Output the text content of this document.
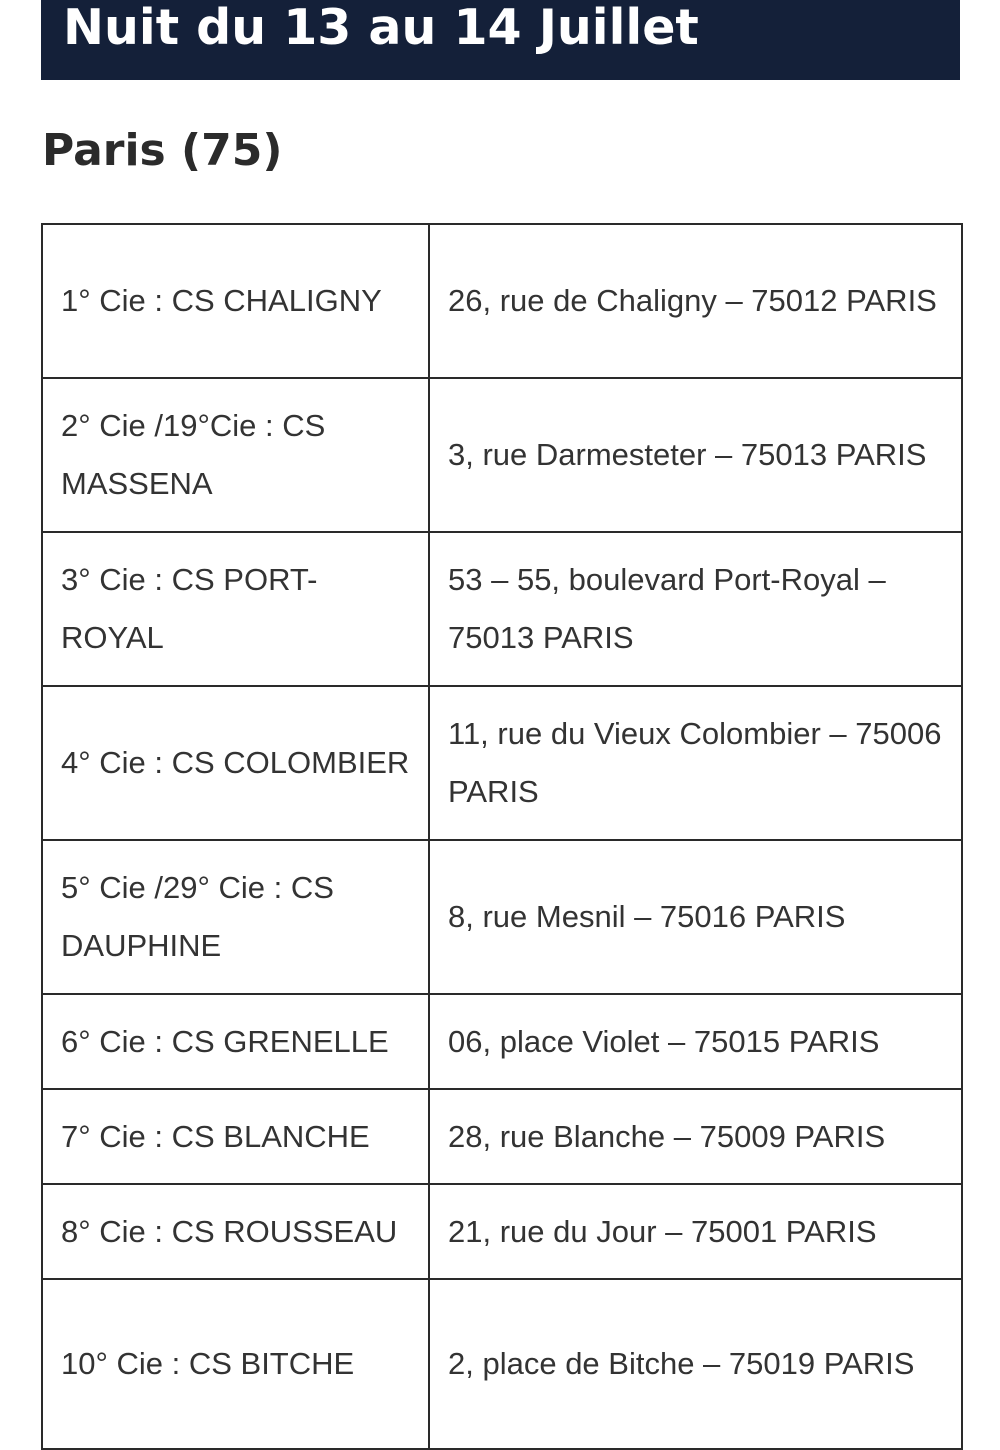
Nuit du 13 au 14 Juillet
Paris (75)
1° Cie : CS CHALIGNY	26, rue de Chaligny – 75012 PARIS
2° Cie /19°Cie : CS MASSENA	3, rue Darmesteter – 75013 PARIS
3° Cie : CS PORT-ROYAL	53 – 55, boulevard Port-Royal – 75013 PARIS
4° Cie : CS COLOMBIER	11, rue du Vieux Colombier – 75006 PARIS
5° Cie /29° Cie : CS DAUPHINE	8, rue Mesnil – 75016 PARIS
6° Cie : CS GRENELLE	06, place Violet – 75015 PARIS
7° Cie : CS BLANCHE	28, rue Blanche – 75009 PARIS
8° Cie : CS ROUSSEAU	21, rue du Jour – 75001 PARIS
10° Cie : CS BITCHE	2, place de Bitche – 75019 PARIS
